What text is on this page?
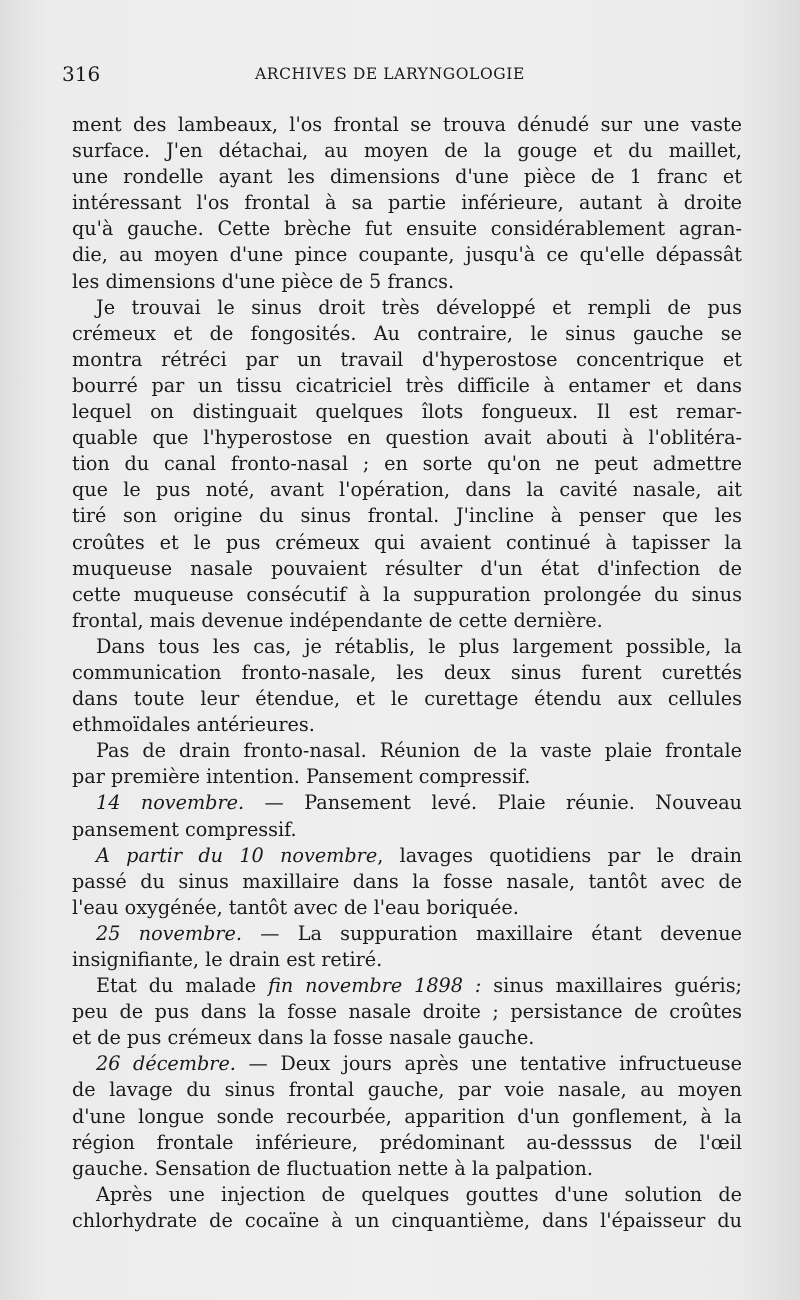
316	ARCHIVES DE LARYNGOLOGIE

ment des lambeaux, l'os frontal se trouva dénudé sur une vaste
surface. J'en détachai, au moyen de la gouge et du maillet,
une rondelle ayant les dimensions d'une pièce de 1 franc et
intéressant l'os frontal à sa partie inférieure, autant à droite
qu'à gauche. Cette brèche fut ensuite considérablement agran-
die, au moyen d'une pince coupante, jusqu'à ce qu'elle dépassât
les dimensions d'une pièce de 5 francs.

Je trouvai le sinus droit très développé et rempli de pus
crémeux et de fongosités. Au contraire, le sinus gauche se
montra rétréci par un travail d'hyperostose concentrique et
bourré par un tissu cicatriciel très difficile à entamer et dans
lequel on distinguait quelques îlots fongueux. Il est remar-
quable que l'hyperostose en question avait abouti à l'oblitéra-
tion du canal fronto-nasal ; en sorte qu'on ne peut admettre
que le pus noté, avant l'opération, dans la cavité nasale, ait
tiré son origine du sinus frontal. J'incline à penser que les
croûtes et le pus crémeux qui avaient continué à tapisser la
muqueuse nasale pouvaient résulter d'un état d'infection de
cette muqueuse consécutif à la suppuration prolongée du sinus
frontal, mais devenue indépendante de cette dernière.

Dans tous les cas, je rétablis, le plus largement possible, la
communication fronto-nasale, les deux sinus furent curettés
dans toute leur étendue, et le curettage étendu aux cellules
ethmoïdales antérieures.

Pas de drain fronto-nasal. Réunion de la vaste plaie frontale
par première intention. Pansement compressif.

14 novembre. — Pansement levé. Plaie réunie. Nouveau
pansement compressif.

A partir du 10 novembre, lavages quotidiens par le drain
passé du sinus maxillaire dans la fosse nasale, tantôt avec de
l'eau oxygénée, tantôt avec de l'eau boriquée.

25 novembre. — La suppuration maxillaire étant devenue
insignifiante, le drain est retiré.

Etat du malade fin novembre 1898 : sinus maxillaires guéris;
peu de pus dans la fosse nasale droite ; persistance de croûtes
et de pus crémeux dans la fosse nasale gauche.

26 décembre. — Deux jours après une tentative infructueuse
de lavage du sinus frontal gauche, par voie nasale, au moyen
d'une longue sonde recourbée, apparition d'un gonflement, à la
région frontale inférieure, prédominant au-desssus de l'œil
gauche. Sensation de fluctuation nette à la palpation.

Après une injection de quelques gouttes d'une solution de
chlorhydrate de cocaïne à un cinquantième, dans l'épaisseur du
